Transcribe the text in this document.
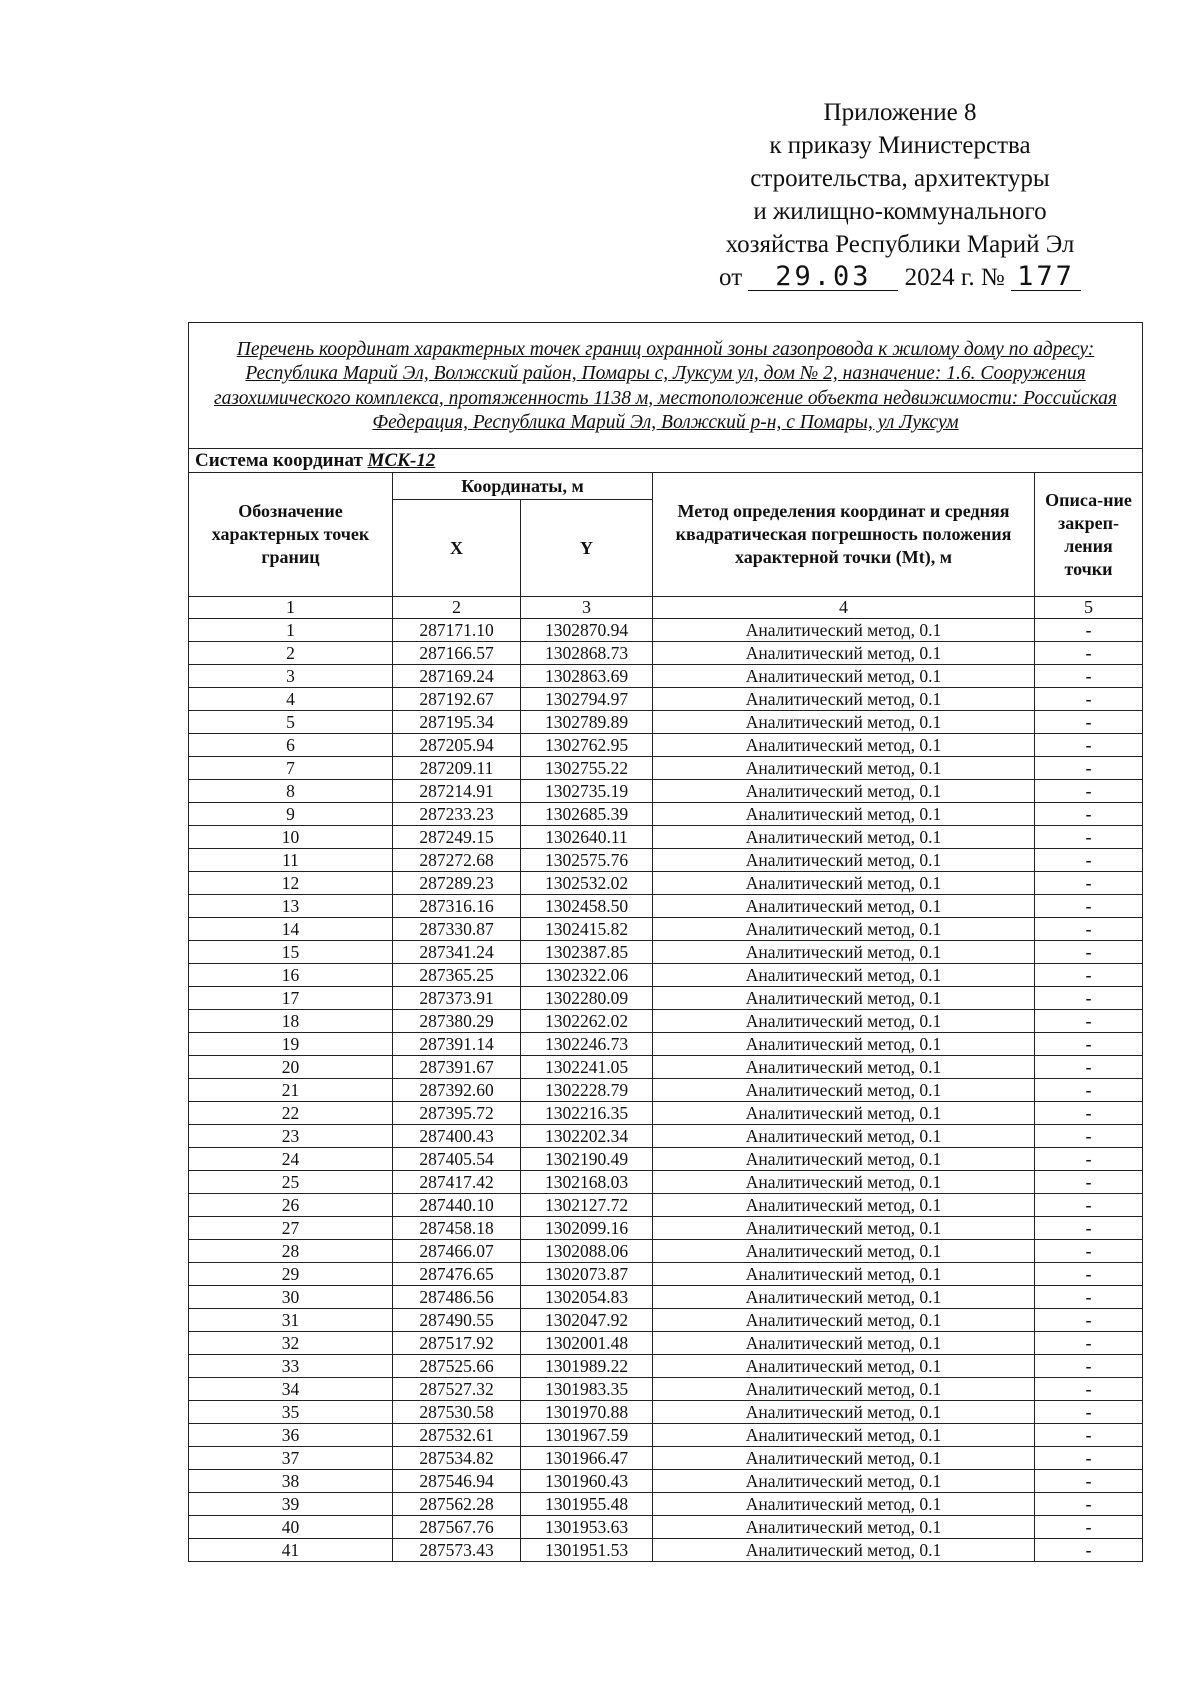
Приложение 8
к приказу Министерства
строительства, архитектуры
и жилищно-коммунального
хозяйства Республики Марий Эл
от 29.03 2024 г. № 177
Перечень координат характерных точек границ охранной зоны газопровода к жилому дому по адресу: Республика Марий Эл, Волжский район, Помары с, Луксум ул, дом № 2, назначение: 1.6. Сооружения газохимического комплекса, протяженность 1138 м, местоположение объекта недвижимости: Российская Федерация, Республика Марий Эл, Волжский р-н, с Помары, ул Луксум				
Система координат МСК-12				
Обозначение характерных точек границ	Координаты, м		Метод определения координат и средняя квадратическая погрешность положения характерной точки (Mt), м	Описа-ние закреп-ления точки
	X	Y		
1	2	3	4	5
1	287171.10	1302870.94	Аналитический метод, 0.1	-
2	287166.57	1302868.73	Аналитический метод, 0.1	-
3	287169.24	1302863.69	Аналитический метод, 0.1	-
4	287192.67	1302794.97	Аналитический метод, 0.1	-
5	287195.34	1302789.89	Аналитический метод, 0.1	-
6	287205.94	1302762.95	Аналитический метод, 0.1	-
7	287209.11	1302755.22	Аналитический метод, 0.1	-
8	287214.91	1302735.19	Аналитический метод, 0.1	-
9	287233.23	1302685.39	Аналитический метод, 0.1	-
10	287249.15	1302640.11	Аналитический метод, 0.1	-
11	287272.68	1302575.76	Аналитический метод, 0.1	-
12	287289.23	1302532.02	Аналитический метод, 0.1	-
13	287316.16	1302458.50	Аналитический метод, 0.1	-
14	287330.87	1302415.82	Аналитический метод, 0.1	-
15	287341.24	1302387.85	Аналитический метод, 0.1	-
16	287365.25	1302322.06	Аналитический метод, 0.1	-
17	287373.91	1302280.09	Аналитический метод, 0.1	-
18	287380.29	1302262.02	Аналитический метод, 0.1	-
19	287391.14	1302246.73	Аналитический метод, 0.1	-
20	287391.67	1302241.05	Аналитический метод, 0.1	-
21	287392.60	1302228.79	Аналитический метод, 0.1	-
22	287395.72	1302216.35	Аналитический метод, 0.1	-
23	287400.43	1302202.34	Аналитический метод, 0.1	-
24	287405.54	1302190.49	Аналитический метод, 0.1	-
25	287417.42	1302168.03	Аналитический метод, 0.1	-
26	287440.10	1302127.72	Аналитический метод, 0.1	-
27	287458.18	1302099.16	Аналитический метод, 0.1	-
28	287466.07	1302088.06	Аналитический метод, 0.1	-
29	287476.65	1302073.87	Аналитический метод, 0.1	-
30	287486.56	1302054.83	Аналитический метод, 0.1	-
31	287490.55	1302047.92	Аналитический метод, 0.1	-
32	287517.92	1302001.48	Аналитический метод, 0.1	-
33	287525.66	1301989.22	Аналитический метод, 0.1	-
34	287527.32	1301983.35	Аналитический метод, 0.1	-
35	287530.58	1301970.88	Аналитический метод, 0.1	-
36	287532.61	1301967.59	Аналитический метод, 0.1	-
37	287534.82	1301966.47	Аналитический метод, 0.1	-
38	287546.94	1301960.43	Аналитический метод, 0.1	-
39	287562.28	1301955.48	Аналитический метод, 0.1	-
40	287567.76	1301953.63	Аналитический метод, 0.1	-
41	287573.43	1301951.53	Аналитический метод, 0.1	-
